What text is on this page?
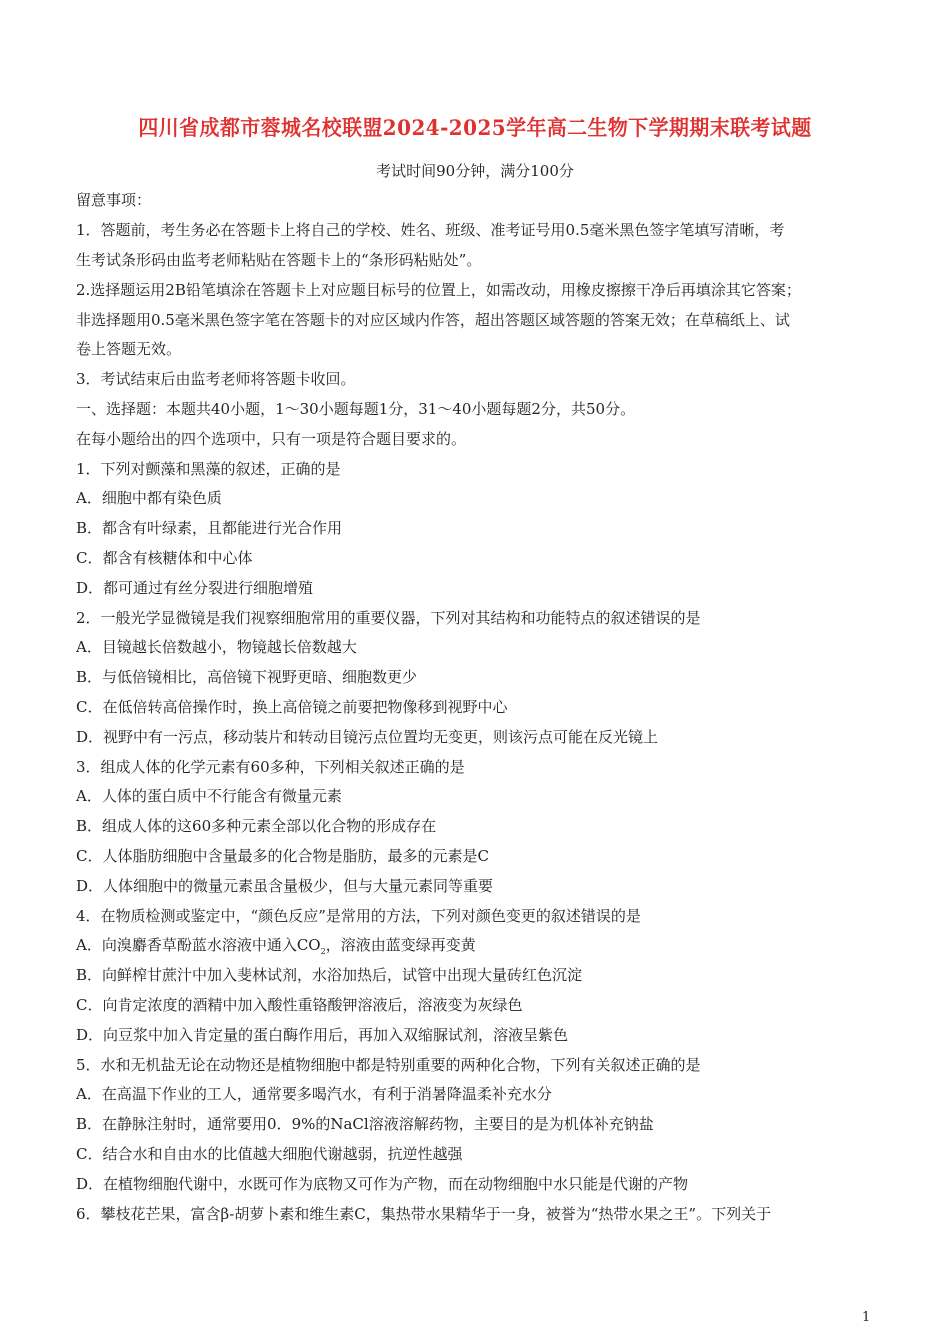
四川省成都市蓉城名校联盟2024-2025学年高二生物下学期期末联考试题
考试时间90分钟，满分100分
留意事项：
1．答题前，考生务必在答题卡上将自己的学校、姓名、班级、准考证号用0.5毫米黑色签字笔填写清晰，考
生考试条形码由监考老师粘贴在答题卡上的“条形码粘贴处”。
2.选择题运用2B铅笔填涂在答题卡上对应题目标号的位置上，如需改动，用橡皮擦擦干净后再填涂其它答案；
非选择题用0.5毫米黑色签字笔在答题卡的对应区域内作答，超出答题区域答题的答案无效；在草稿纸上、试
卷上答题无效。
3．考试结束后由监考老师将答题卡收回。
一、选择题：本题共40小题，1～30小题每题1分，31～40小题每题2分，共50分。
在每小题给出的四个选项中，只有一项是符合题目要求的。
1．下列对颤藻和黑藻的叙述，正确的是
A．细胞中都有染色质
B．都含有叶绿素，且都能进行光合作用
C．都含有核糖体和中心体
D．都可通过有丝分裂进行细胞增殖
2．一般光学显微镜是我们视察细胞常用的重要仪器，下列对其结构和功能特点的叙述错误的是
A．目镜越长倍数越小，物镜越长倍数越大
B．与低倍镜相比，高倍镜下视野更暗、细胞数更少
C．在低倍转高倍操作时，换上高倍镜之前要把物像移到视野中心
D．视野中有一污点，移动装片和转动目镜污点位置均无变更，则该污点可能在反光镜上
3．组成人体的化学元素有60多种，下列相关叙述正确的是
A．人体的蛋白质中不行能含有微量元素
B．组成人体的这60多种元素全部以化合物的形成存在
C．人体脂肪细胞中含量最多的化合物是脂肪，最多的元素是C
D．人体细胞中的微量元素虽含量极少，但与大量元素同等重要
4．在物质检测或鉴定中，“颜色反应”是常用的方法，下列对颜色变更的叙述错误的是
A．向溴麝香草酚蓝水溶液中通入$CO_2$，溶液由蓝变绿再变黄
B．向鲜榨甘蔗汁中加入斐林试剂，水浴加热后，试管中出现大量砖红色沉淀
C．向肯定浓度的酒精中加入酸性重铬酸钾溶液后，溶液变为灰绿色
D．向豆浆中加入肯定量的蛋白酶作用后，再加入双缩脲试剂，溶液呈紫色
5．水和无机盐无论在动物还是植物细胞中都是特别重要的两种化合物，下列有关叙述正确的是
A．在高温下作业的工人，通常要多喝汽水，有利于消暑降温柔补充水分
B．在静脉注射时，通常要用0．9%的NaCl溶液溶解药物，主要目的是为机体补充钠盐
C．结合水和自由水的比值越大细胞代谢越弱，抗逆性越强
D．在植物细胞代谢中，水既可作为底物又可作为产物，而在动物细胞中水只能是代谢的产物
6．攀枝花芒果，富含β-胡萝卜素和维生素C，集热带水果精华于一身，被誉为“热带水果之王”。下列关于
1
